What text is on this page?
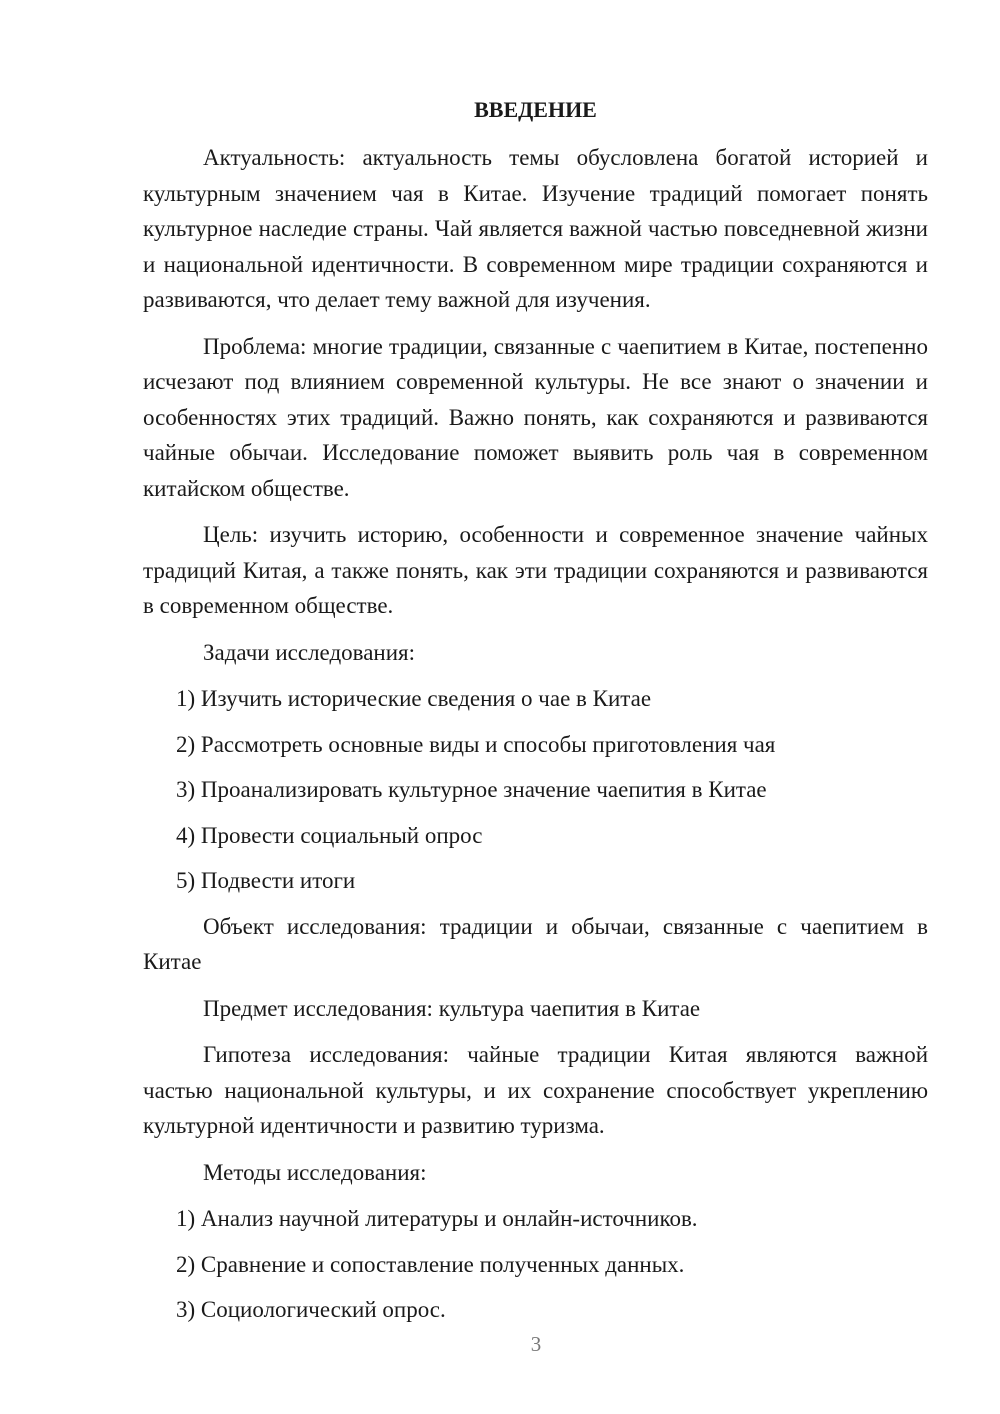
ВВЕДЕНИЕ

Актуальность: актуальность темы обусловлена богатой историей и культурным значением чая в Китае. Изучение традиций помогает понять культурное наследие страны. Чай является важной частью повседневной жизни и национальной идентичности. В современном мире традиции сохраняются и развиваются, что делает тему важной для изучения.

Проблема: многие традиции, связанные с чаепитием в Китае, постепенно исчезают под влиянием современной культуры. Не все знают о значении и особенностях этих традиций. Важно понять, как сохраняются и развиваются чайные обычаи. Исследование поможет выявить роль чая в современном китайском обществе.

Цель: изучить историю, особенности и современное значение чайных традиций Китая, а также понять, как эти традиции сохраняются и развиваются в современном обществе.

Задачи исследования:

1) Изучить исторические сведения о чае в Китае

2) Рассмотреть основные виды и способы приготовления чая

3) Проанализировать культурное значение чаепития в Китае

4) Провести социальный опрос

5) Подвести итоги

Объект исследования: традиции и обычаи, связанные с чаепитием в Китае

Предмет исследования: культура чаепития в Китае

Гипотеза исследования: чайные традиции Китая являются важной частью национальной культуры, и их сохранение способствует укреплению культурной идентичности и развитию туризма.

Методы исследования:

1) Анализ научной литературы и онлайн-источников.

2) Сравнение и сопоставление полученных данных.

3) Социологический опрос.

3
